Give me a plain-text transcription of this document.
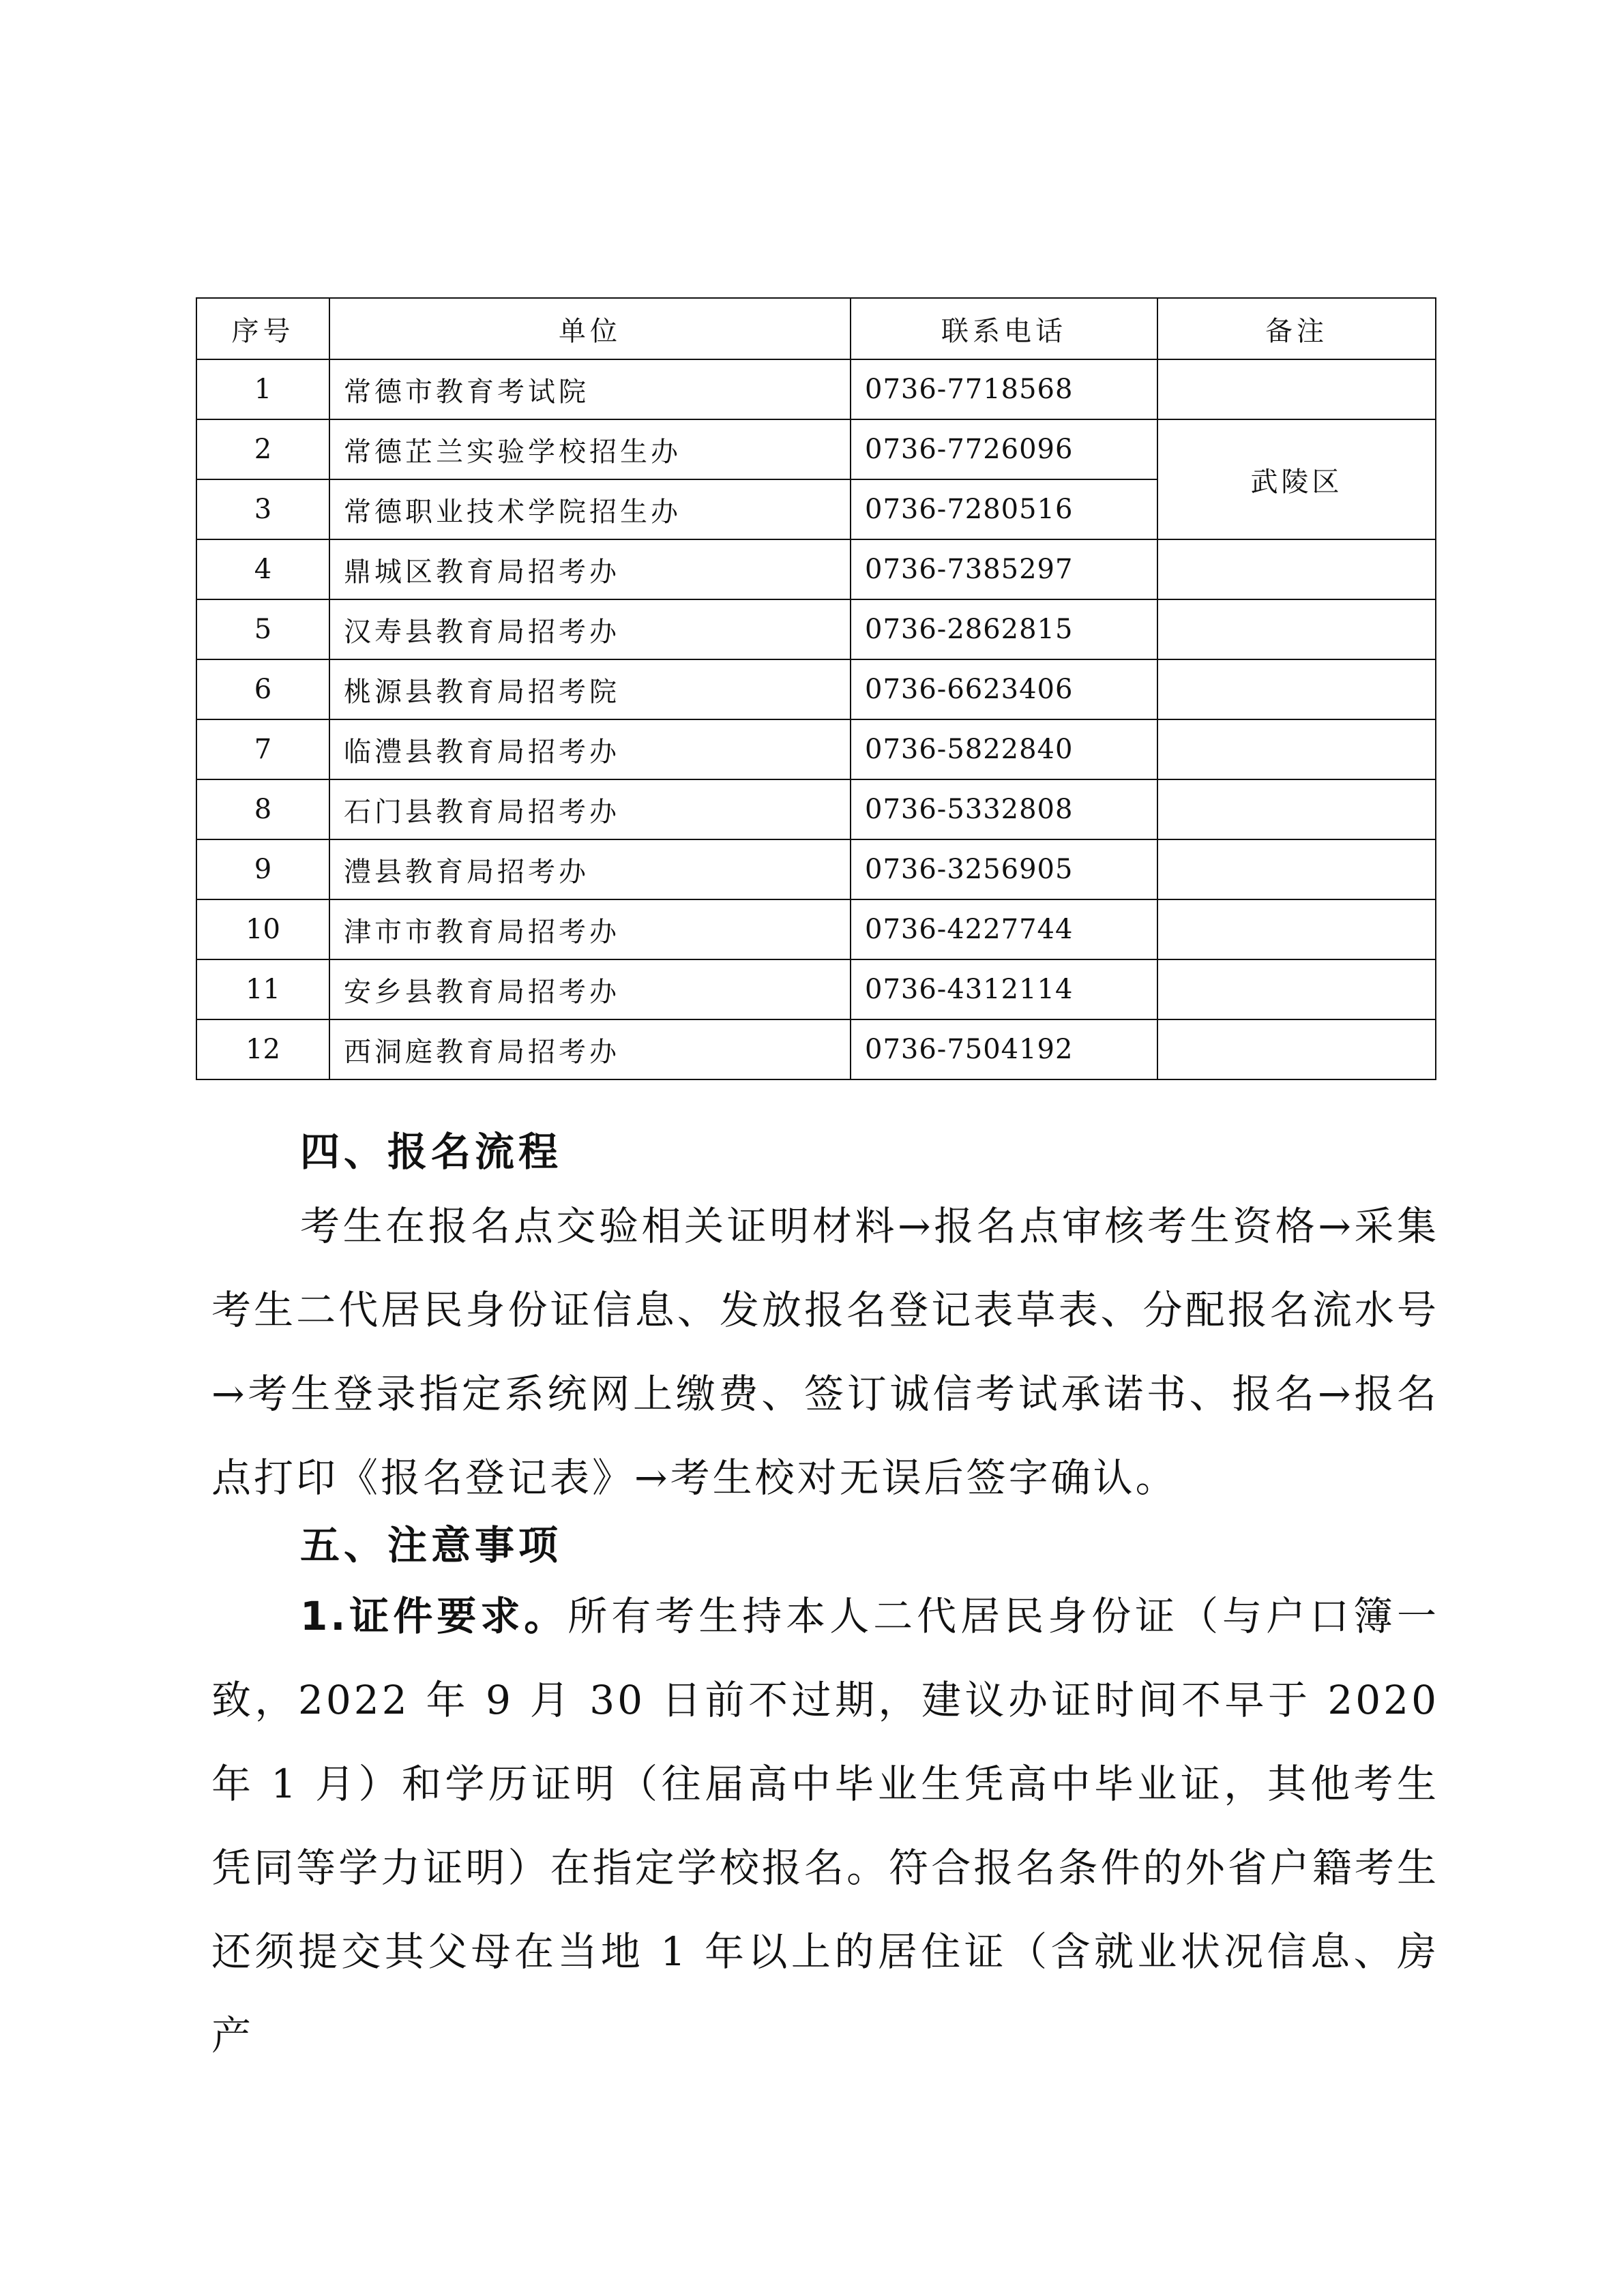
序号	单位	联系电话	备注
1	常德市教育考试院	0736-7718568	
2	常德芷兰实验学校招生办	0736-7726096	武陵区
3	常德职业技术学院招生办	0736-7280516	
4	鼎城区教育局招考办	0736-7385297	
5	汉寿县教育局招考办	0736-2862815	
6	桃源县教育局招考院	0736-6623406	
7	临澧县教育局招考办	0736-5822840	
8	石门县教育局招考办	0736-5332808	
9	澧县教育局招考办	0736-3256905	
10	津市市教育局招考办	0736-4227744	
11	安乡县教育局招考办	0736-4312114	
12	西洞庭教育局招考办	0736-7504192	
四、报名流程

考生在报名点交验相关证明材料→报名点审核考生资格→采集考生二代居民身份证信息、发放报名登记表草表、分配报名流水号→考生登录指定系统网上缴费、签订诚信考试承诺书、报名→报名点打印《报名登记表》→考生校对无误后签字确认。

五、注意事项

1.证件要求。所有考生持本人二代居民身份证（与户口簿一致，2022 年 9 月 30 日前不过期，建议办证时间不早于 2020 年 1 月）和学历证明（往届高中毕业生凭高中毕业证，其他考生凭同等学力证明）在指定学校报名。符合报名条件的外省户籍考生还须提交其父母在当地 1 年以上的居住证（含就业状况信息、房产
